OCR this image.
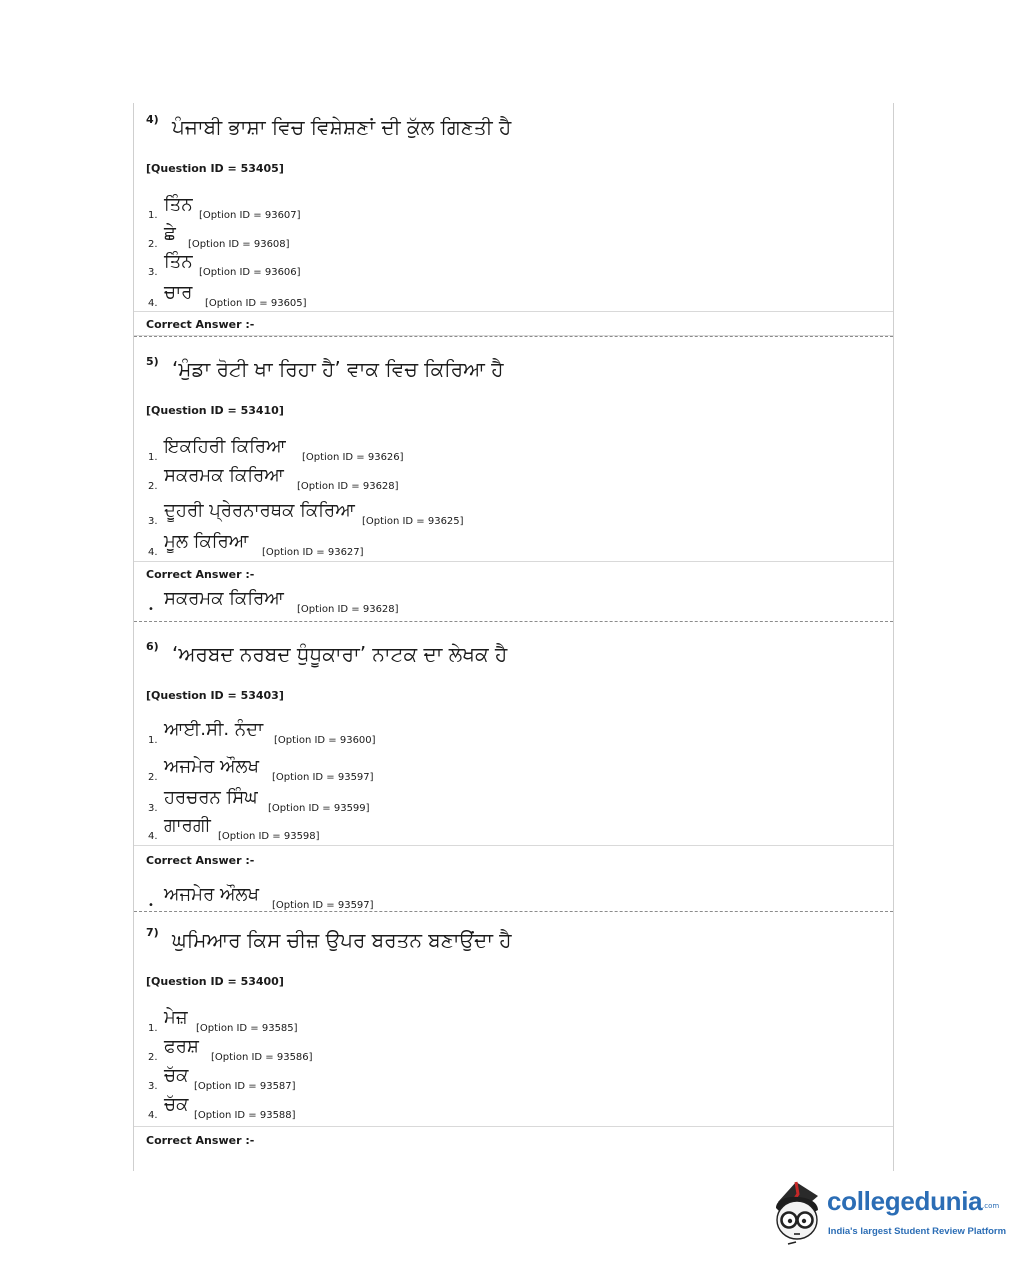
4) ਪੰਜਾਬੀ ਭਾਸ਼ਾ ਵਿਚ ਵਿਸ਼ੇਸ਼ਣਾਂ ਦੀ ਕੁੱਲ ਗਿਣਤੀ ਹੈ
[Question ID = 53405]
1.
ਤਿੰਨ
[Option ID = 93607]
2.
ਛੇ
[Option ID = 93608]
3.
ਤਿੰਨ
[Option ID = 93606]
4.
ਚਾਰ
[Option ID = 93605]
Correct Answer :-
5) ‘ਮੁੰਡਾ ਰੋਟੀ ਖਾ ਰਿਹਾ ਹੈ’ ਵਾਕ ਵਿਚ ਕਿਰਿਆ ਹੈ
[Question ID = 53410]
1.
ਇਕਹਿਰੀ ਕਿਰਿਆ
[Option ID = 93626]
2.
ਸਕਰਮਕ ਕਿਰਿਆ
[Option ID = 93628]
3.
ਦੂਹਰੀ ਪ੍ਰੇਰਨਾਰਥਕ ਕਿਰਿਆ
[Option ID = 93625]
4.
ਮੂਲ ਕਿਰਿਆ
[Option ID = 93627]
Correct Answer :-
•
ਸਕਰਮਕ ਕਿਰਿਆ
[Option ID = 93628]
6) ‘ਅਰਬਦ ਨਰਬਦ ਧੁੰਧੂਕਾਰਾ’ ਨਾਟਕ ਦਾ ਲੇਖਕ ਹੈ
[Question ID = 53403]
1.
ਆਈ.ਸੀ. ਨੰਦਾ
[Option ID = 93600]
2.
ਅਜਮੇਰ ਔਲਖ
[Option ID = 93597]
3.
ਹਰਚਰਨ ਸਿੰਘ
[Option ID = 93599]
4.
ਗਾਰਗੀ
[Option ID = 93598]
Correct Answer :-
•
ਅਜਮੇਰ ਔਲਖ
[Option ID = 93597]
7) ਘੁਮਿਆਰ ਕਿਸ ਚੀਜ਼ ਉਪਰ ਬਰਤਨ ਬਣਾਉਂਦਾ ਹੈ
[Question ID = 53400]
1.
ਮੇਜ਼
[Option ID = 93585]
2.
ਫਰਸ਼
[Option ID = 93586]
3.
ਚੱਕ
[Option ID = 93587]
4.
ਚੱਕ
[Option ID = 93588]
Correct Answer :-
collegedunia .com
India's largest Student Review Platform
